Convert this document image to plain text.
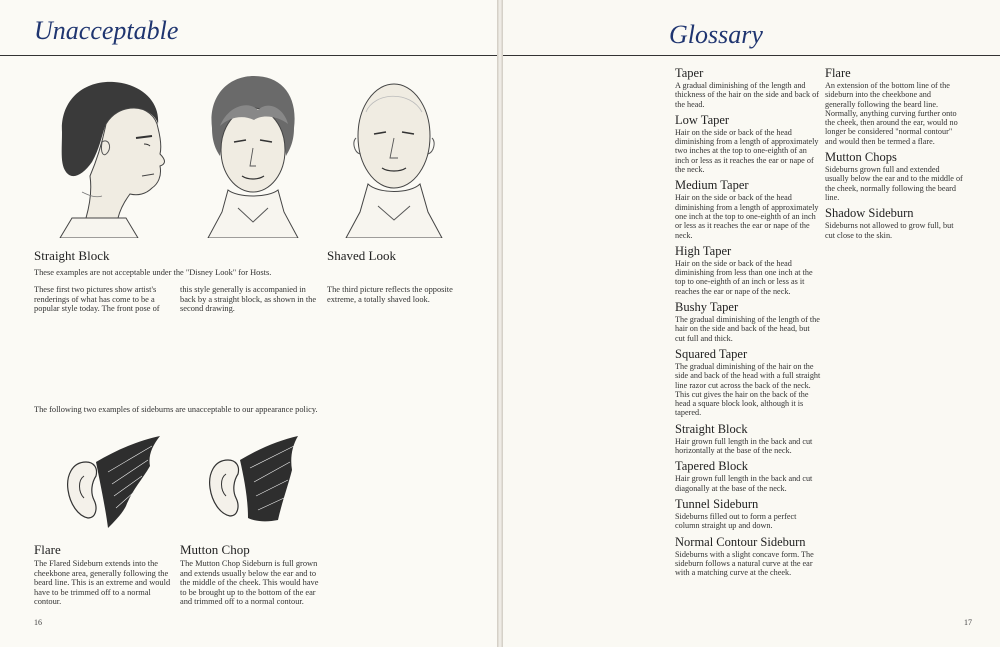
Unacceptable
Straight Block	Shaved Look
These examples are not acceptable under the "Disney Look" for Hosts.
These first two pictures show artist's renderings of what has come to be a popular style today. The front pose of
this style generally is accompanied in back by a straight block, as shown in the second drawing.
The third picture reflects the opposite extreme, a totally shaved look.
The following two examples of sideburns are unacceptable to our appearance policy.
Flare	Mutton Chop
The Flared Sideburn extends into the cheekbone area, generally following the beard line. This is an extreme and would have to be trimmed off to a normal contour.
The Mutton Chop Sideburn is full grown and extends usually below the ear and to the middle of the cheek. This would have to be brought up to the bottom of the ear and trimmed off to a normal contour.
16
Glossary
Taper
A gradual diminishing of the length and thickness of the hair on the side and back of the head.
Low Taper
Hair on the side or back of the head diminishing from a length of approximately two inches at the top to one-eighth of an inch or less as it reaches the ear or nape of the neck.
Medium Taper
Hair on the side or back of the head diminishing from a length of approximately one inch at the top to one-eighth of an inch or less as it reaches the ear or nape of the neck.
High Taper
Hair on the side or back of the head diminishing from less than one inch at the top to one-eighth of an inch or less as it reaches the ear or nape of the neck.
Bushy Taper
The gradual diminishing of the length of the hair on the side and back of the head, but cut full and thick.
Squared Taper
The gradual diminishing of the hair on the side and back of the head with a full straight line razor cut across the back of the neck. This cut gives the hair on the back of the head a square block look, although it is tapered.
Straight Block
Hair grown full length in the back and cut horizontally at the base of the neck.
Tapered Block
Hair grown full length in the back and cut diagonally at the base of the neck.
Tunnel Sideburn
Sideburns filled out to form a perfect column straight up and down.
Normal Contour Sideburn
Sideburns with a slight concave form. The sideburn follows a natural curve at the ear with a matching curve at the cheek.
Flare
An extension of the bottom line of the sideburn into the cheekbone and generally following the beard line. Normally, anything curving further onto the cheek, then around the ear, would no longer be considered "normal contour" and would then be termed a flare.
Mutton Chops
Sideburns grown full and extended usually below the ear and to the middle of the cheek, normally following the beard line.
Shadow Sideburn
Sideburns not allowed to grow full, but cut close to the skin.
17
